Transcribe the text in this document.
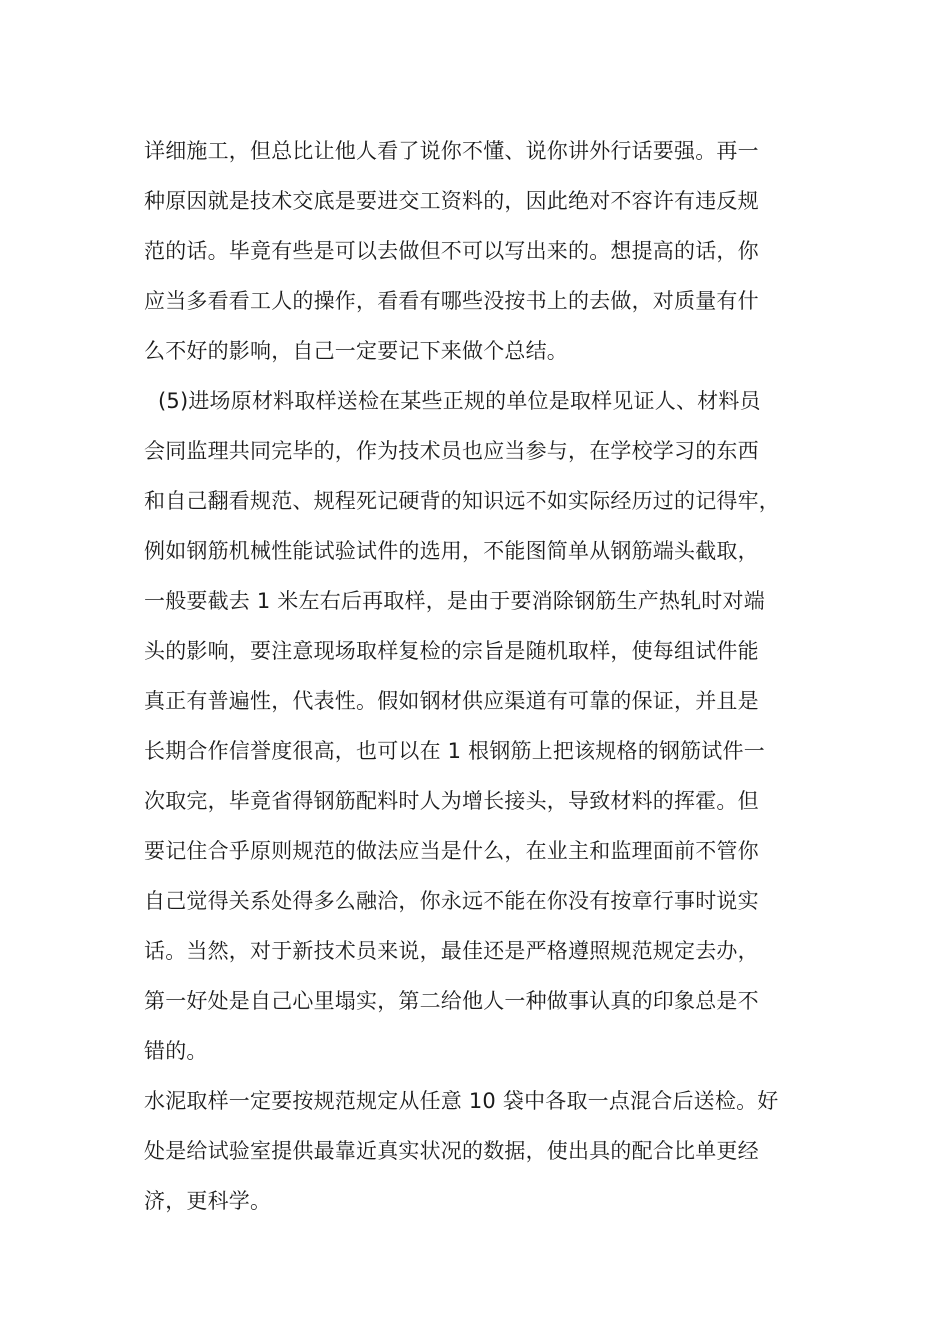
详细施工，但总比让他人看了说你不懂、说你讲外行话要强。再一
种原因就是技术交底是要进交工资料的，因此绝对不容许有违反规
范的话。毕竟有些是可以去做但不可以写出来的。想提高的话，你
应当多看看工人的操作，看看有哪些没按书上的去做，对质量有什
么不好的影响，自己一定要记下来做个总结。
(5)进场原材料取样送检在某些正规的单位是取样见证人、材料员
会同监理共同完毕的，作为技术员也应当参与，在学校学习的东西
和自己翻看规范、规程死记硬背的知识远不如实际经历过的记得牢，
例如钢筋机械性能试验试件的选用，不能图简单从钢筋端头截取，
一般要截去 1 米左右后再取样，是由于要消除钢筋生产热轧时对端
头的影响，要注意现场取样复检的宗旨是随机取样，使每组试件能
真正有普遍性，代表性。假如钢材供应渠道有可靠的保证，并且是
长期合作信誉度很高，也可以在 1 根钢筋上把该规格的钢筋试件一
次取完，毕竟省得钢筋配料时人为增长接头，导致材料的挥霍。但
要记住合乎原则规范的做法应当是什么，在业主和监理面前不管你
自己觉得关系处得多么融洽，你永远不能在你没有按章行事时说实
话。当然，对于新技术员来说，最佳还是严格遵照规范规定去办，
第一好处是自己心里塌实，第二给他人一种做事认真的印象总是不
错的。
水泥取样一定要按规范规定从任意 10 袋中各取一点混合后送检。好
处是给试验室提供最靠近真实状况的数据，使出具的配合比单更经
济，更科学。
